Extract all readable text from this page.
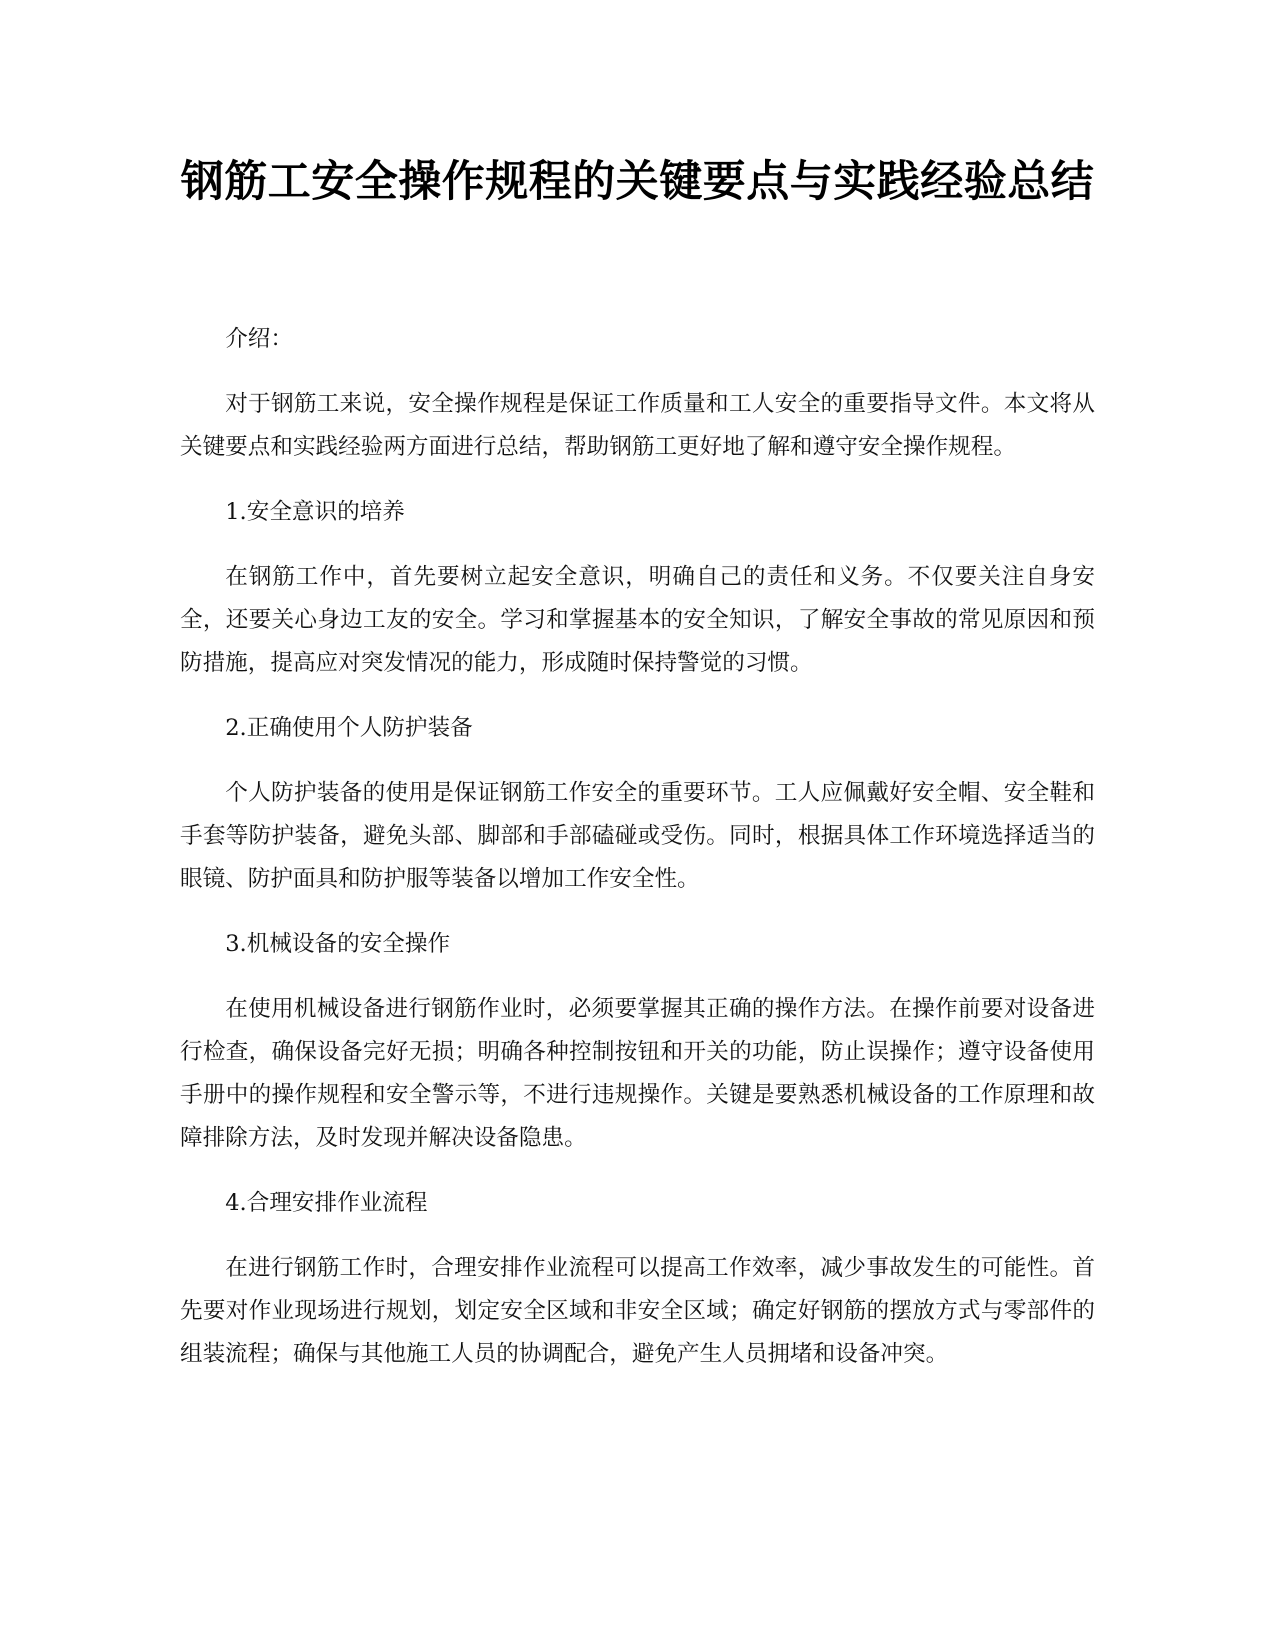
钢筋工安全操作规程的关键要点与实践经验总结

介绍：

对于钢筋工来说，安全操作规程是保证工作质量和工人安全的重要指导文件。本文将从关键要点和实践经验两方面进行总结，帮助钢筋工更好地了解和遵守安全操作规程。

1.安全意识的培养

在钢筋工作中，首先要树立起安全意识，明确自己的责任和义务。不仅要关注自身安全，还要关心身边工友的安全。学习和掌握基本的安全知识，了解安全事故的常见原因和预防措施，提高应对突发情况的能力，形成随时保持警觉的习惯。

2.正确使用个人防护装备

个人防护装备的使用是保证钢筋工作安全的重要环节。工人应佩戴好安全帽、安全鞋和手套等防护装备，避免头部、脚部和手部磕碰或受伤。同时，根据具体工作环境选择适当的眼镜、防护面具和防护服等装备以增加工作安全性。

3.机械设备的安全操作

在使用机械设备进行钢筋作业时，必须要掌握其正确的操作方法。在操作前要对设备进行检查，确保设备完好无损；明确各种控制按钮和开关的功能，防止误操作；遵守设备使用手册中的操作规程和安全警示等，不进行违规操作。关键是要熟悉机械设备的工作原理和故障排除方法，及时发现并解决设备隐患。

4.合理安排作业流程

在进行钢筋工作时，合理安排作业流程可以提高工作效率，减少事故发生的可能性。首先要对作业现场进行规划，划定安全区域和非安全区域；确定好钢筋的摆放方式与零部件的组装流程；确保与其他施工人员的协调配合，避免产生人员拥堵和设备冲突。
